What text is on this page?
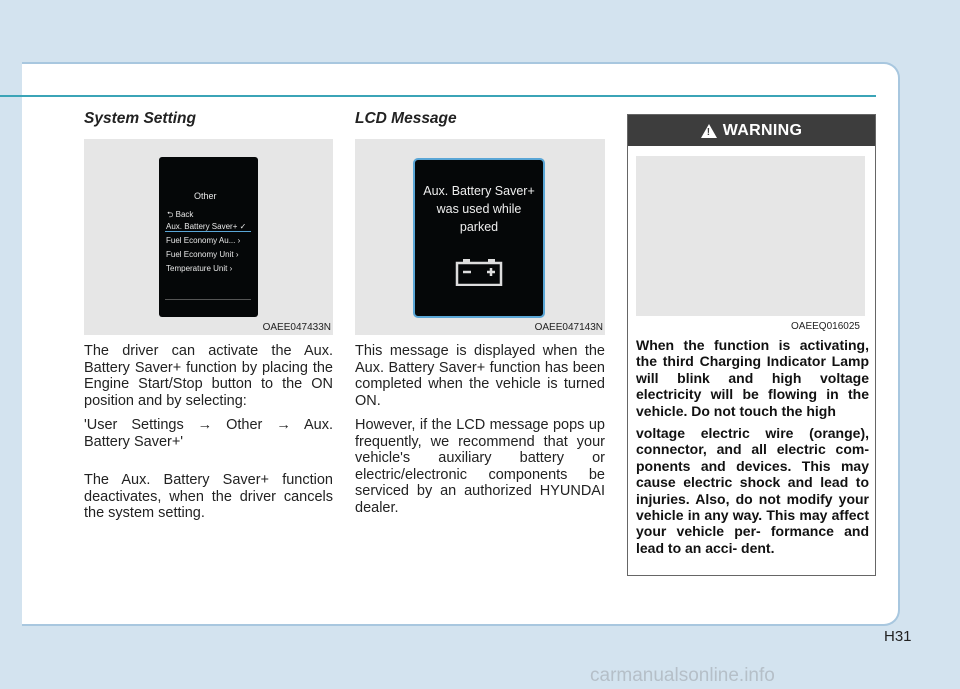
System Setting
Other
⮌ Back
Aux. Battery Saver+ ✓
Fuel Economy Au... ›
Fuel Economy Unit ›
Temperature Unit ›
OAEE047433N

The driver can activate the Aux. Battery Saver+ function by placing the Engine Start/Stop button to the ON position and by selecting:

'User Settings → Other → Aux. Battery Saver+'

The Aux. Battery Saver+ function deactivates, when the driver cancels the system setting.

LCD Message
Aux. Battery Saver+ was used while parked
OAEE047143N

This message is displayed when the Aux. Battery Saver+ function has been completed when the vehicle is turned ON.

However, if the LCD message pops up frequently, we recommend that your vehicle's auxiliary battery or electric/electronic components be serviced by an authorized HYUNDAI dealer.

! WARNING
OAEEQ016025

When the function is activating, the third Charging Indicator Lamp will blink and high voltage electricity will be flowing in the vehicle. Do not touch the high

voltage electric wire (orange), connector, and all electric com- ponents and devices. This may cause electric shock and lead to injuries. Also, do not modify your vehicle in any way. This may affect your vehicle per- formance and lead to an acci- dent.

H31
carmanualsonline.info
